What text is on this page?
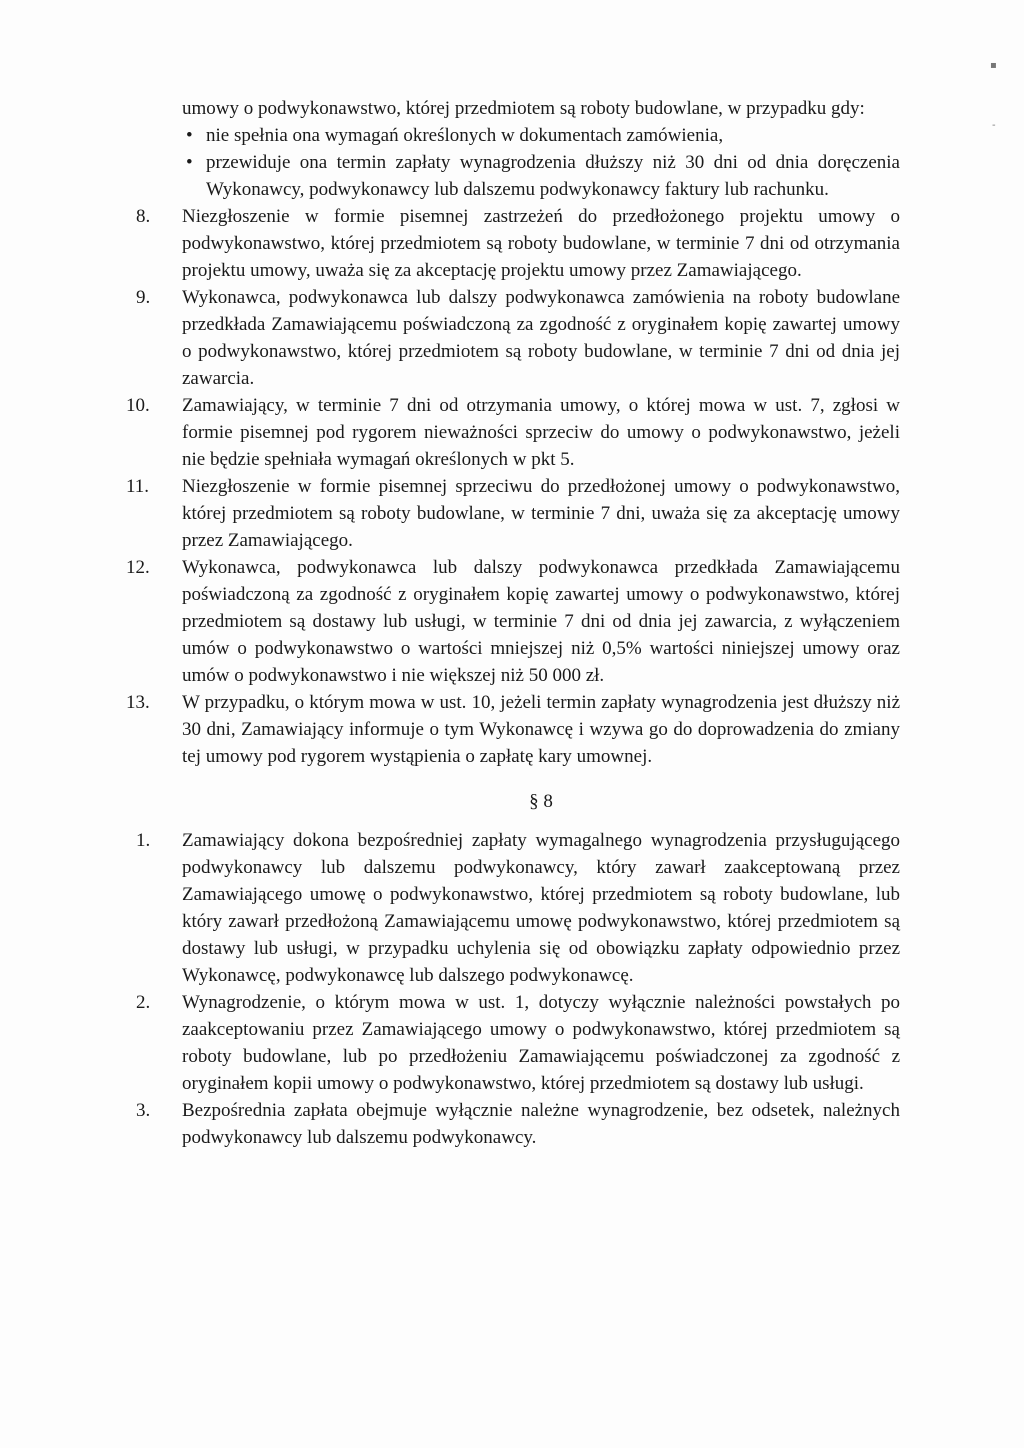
umowy o podwykonawstwo, której przedmiotem są roboty budowlane, w przypadku gdy:

• nie spełnia ona wymagań określonych w dokumentach zamówienia,
• przewiduje ona termin zapłaty wynagrodzenia dłuższy niż 30 dni od dnia doręczenia Wykonawcy, podwykonawcy lub dalszemu podwykonawcy faktury lub rachunku.
8.	Niezgłoszenie w formie pisemnej zastrzeżeń do przedłożonego projektu umowy o podwykonawstwo, której przedmiotem są roboty budowlane, w terminie 7 dni od otrzymania projektu umowy, uważa się za akceptację projektu umowy przez Zamawiającego.
9.	Wykonawca, podwykonawca lub dalszy podwykonawca zamówienia na roboty budowlane przedkłada Zamawiającemu poświadczoną za zgodność z oryginałem kopię zawartej umowy o podwykonawstwo, której przedmiotem są roboty budowlane, w terminie 7 dni od dnia jej zawarcia.
10.	Zamawiający, w terminie 7 dni od otrzymania umowy, o której mowa w ust. 7, zgłosi w formie pisemnej pod rygorem nieważności sprzeciw do umowy o podwykonawstwo, jeżeli nie będzie spełniała wymagań określonych w pkt 5.
11.	Niezgłoszenie w formie pisemnej sprzeciwu do przedłożonej umowy o podwykonawstwo, której przedmiotem są roboty budowlane, w terminie 7 dni, uważa się za akceptację umowy przez Zamawiającego.
12.	Wykonawca, podwykonawca lub dalszy podwykonawca przedkłada Zamawiającemu poświadczoną za zgodność z oryginałem kopię zawartej umowy o podwykonawstwo, której przedmiotem są dostawy lub usługi, w terminie 7 dni od dnia jej zawarcia, z wyłączeniem umów o podwykonawstwo o wartości mniejszej niż 0,5% wartości niniejszej umowy oraz umów o podwykonawstwo i nie większej niż 50 000 zł.
13.	W przypadku, o którym mowa w ust. 10, jeżeli termin zapłaty wynagrodzenia jest dłuższy niż 30 dni, Zamawiający informuje o tym Wykonawcę i wzywa go do doprowadzenia do zmiany tej umowy pod rygorem wystąpienia o zapłatę kary umownej.
§ 8
1.	Zamawiający dokona bezpośredniej zapłaty wymagalnego wynagrodzenia przysługującego podwykonawcy lub dalszemu podwykonawcy, który zawarł zaakceptowaną przez Zamawiającego umowę o podwykonawstwo, której przedmiotem są roboty budowlane, lub który zawarł przedłożoną Zamawiającemu umowę podwykonawstwo, której przedmiotem są dostawy lub usługi, w przypadku uchylenia się od obowiązku zapłaty odpowiednio przez Wykonawcę, podwykonawcę lub dalszego podwykonawcę.
2.	Wynagrodzenie, o którym mowa w ust. 1, dotyczy wyłącznie należności powstałych po zaakceptowaniu przez Zamawiającego umowy o podwykonawstwo, której przedmiotem są roboty budowlane, lub po przedłożeniu Zamawiającemu poświadczonej za zgodność z oryginałem kopii umowy o podwykonawstwo, której przedmiotem są dostawy lub usługi.
3.	Bezpośrednia zapłata obejmuje wyłącznie należne wynagrodzenie, bez odsetek, należnych podwykonawcy lub dalszemu podwykonawcy.
▪
-
